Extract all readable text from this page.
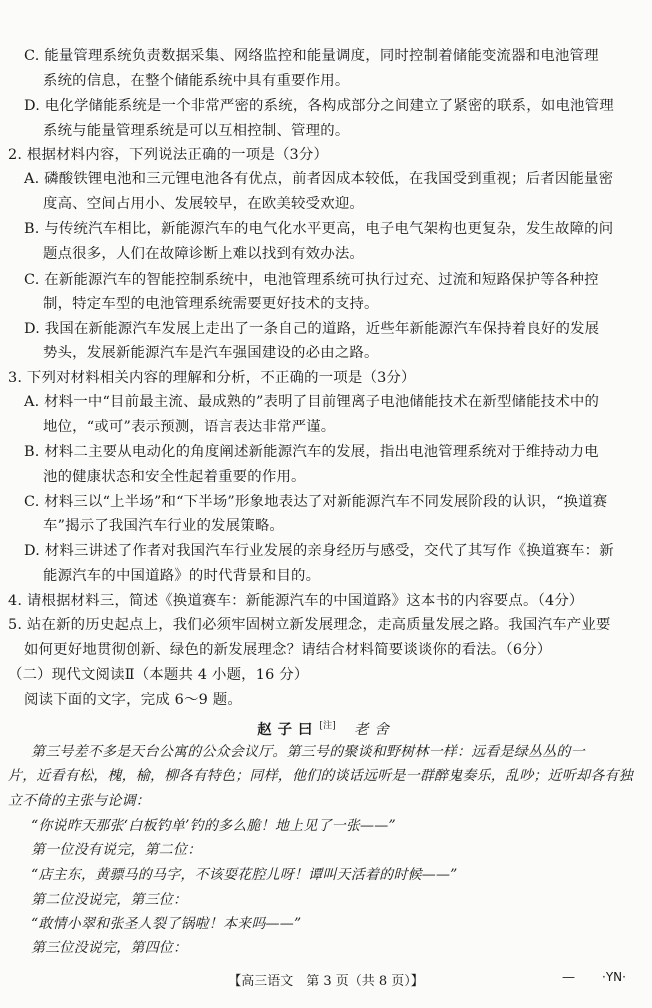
C. 能量管理系统负责数据采集、网络监控和能量调度，同时控制着储能变流器和电池管理
系统的信息，在整个储能系统中具有重要作用。
D. 电化学储能系统是一个非常严密的系统，各构成部分之间建立了紧密的联系，如电池管理
系统与能量管理系统是可以互相控制、管理的。
2. 根据材料内容，下列说法正确的一项是（3分）
A. 磷酸铁锂电池和三元锂电池各有优点，前者因成本较低，在我国受到重视；后者因能量密
度高、空间占用小、发展较早，在欧美较受欢迎。
B. 与传统汽车相比，新能源汽车的电气化水平更高，电子电气架构也更复杂，发生故障的问
题点很多，人们在故障诊断上难以找到有效办法。
C. 在新能源汽车的智能控制系统中，电池管理系统可执行过充、过流和短路保护等各种控
制，特定车型的电池管理系统需要更好技术的支持。
D. 我国在新能源汽车发展上走出了一条自己的道路，近些年新能源汽车保持着良好的发展
势头，发展新能源汽车是汽车强国建设的必由之路。
3. 下列对材料相关内容的理解和分析，不正确的一项是（3分）
A. 材料一中“目前最主流、最成熟的”表明了目前锂离子电池储能技术在新型储能技术中的
地位，“或可”表示预测，语言表达非常严谨。
B. 材料二主要从电动化的角度阐述新能源汽车的发展，指出电池管理系统对于维持动力电
池的健康状态和安全性起着重要的作用。
C. 材料三以“上半场”和“下半场”形象地表达了对新能源汽车不同发展阶段的认识，“换道赛
车”揭示了我国汽车行业的发展策略。
D. 材料三讲述了作者对我国汽车行业发展的亲身经历与感受，交代了其写作《换道赛车：新
能源汽车的中国道路》的时代背景和目的。
4. 请根据材料三，简述《换道赛车：新能源汽车的中国道路》这本书的内容要点。（4分）
5. 站在新的历史起点上，我们必须牢固树立新发展理念，走高质量发展之路。我国汽车产业要
如何更好地贯彻创新、绿色的新发展理念？请结合材料简要谈谈你的看法。（6分）
（二）现代文阅读Ⅱ（本题共 4 小题，16 分）
阅读下面的文字，完成 6～9 题。
赵子曰[注] 老舍
第三号差不多是天台公寓的公众会议厅。第三号的聚谈和野树林一样：远看是绿丛丛的一
片，近看有松，槐，榆，柳各有特色；同样，他们的谈话远听是一群醉鬼奏乐，乱吵；近听却各有独
立不倚的主张与论调：
“你说昨天那张‘白板钓单’钓的多么脆！地上见了一张——”
第一位没有说完，第二位：
“店主东，黄骠马的马字，不该耍花腔儿呀！谭叫天活着的时候——”
第二位没说完，第三位：
“敢情小翠和张圣人裂了锅啦！本来吗——”
第三位没说完，第四位：
【高三语文　第 3 页（共 8 页）】	— ·YN·
